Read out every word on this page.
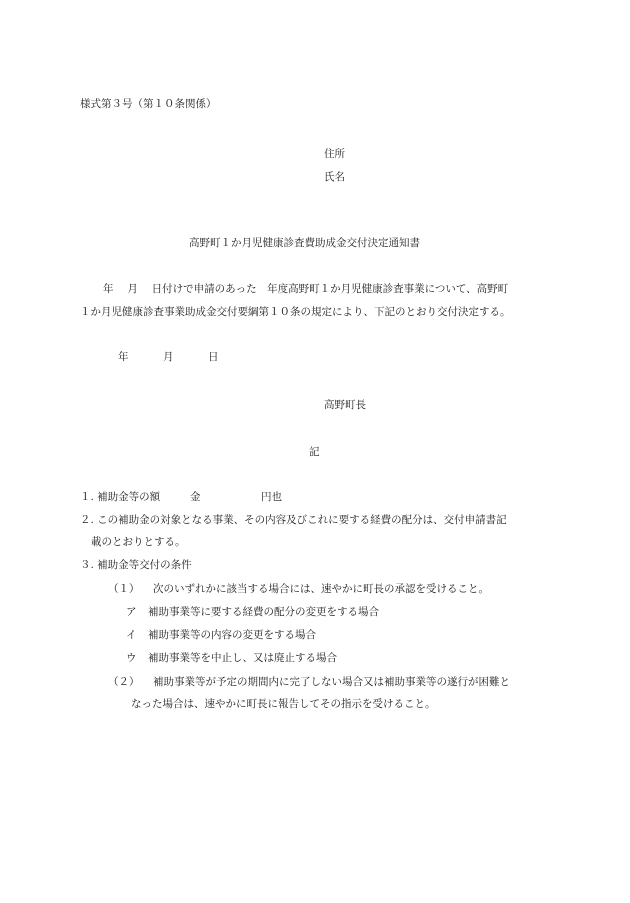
様式第３号（第１０条関係）
住所
氏名
高野町１か月児健康診査費助成金交付決定通知書
年　 月　 日付けで申請のあった　年度高野町１か月児健康診査事業について、高野町
１か月児健康診査事業助成金交付要綱第１０条の規定により、下記のとおり交付決定する。
年	月	日
高野町長
記
１. 補助金等の額	金	円也
２. この補助金の対象となる事業、その内容及びこれに要する経費の配分は、交付申請書記
載のとおりとする。
３. 補助金等交付の条件
（１） 次のいずれかに該当する場合には、速やかに町長の承認を受けること。
ア 補助事業等に要する経費の配分の変更をする場合
イ 補助事業等の内容の変更をする場合
ウ 補助事業等を中止し、又は廃止する場合
（２） 補助事業等が予定の期間内に完了しない場合又は補助事業等の遂行が困難と
なった場合は、速やかに町長に報告してその指示を受けること。
